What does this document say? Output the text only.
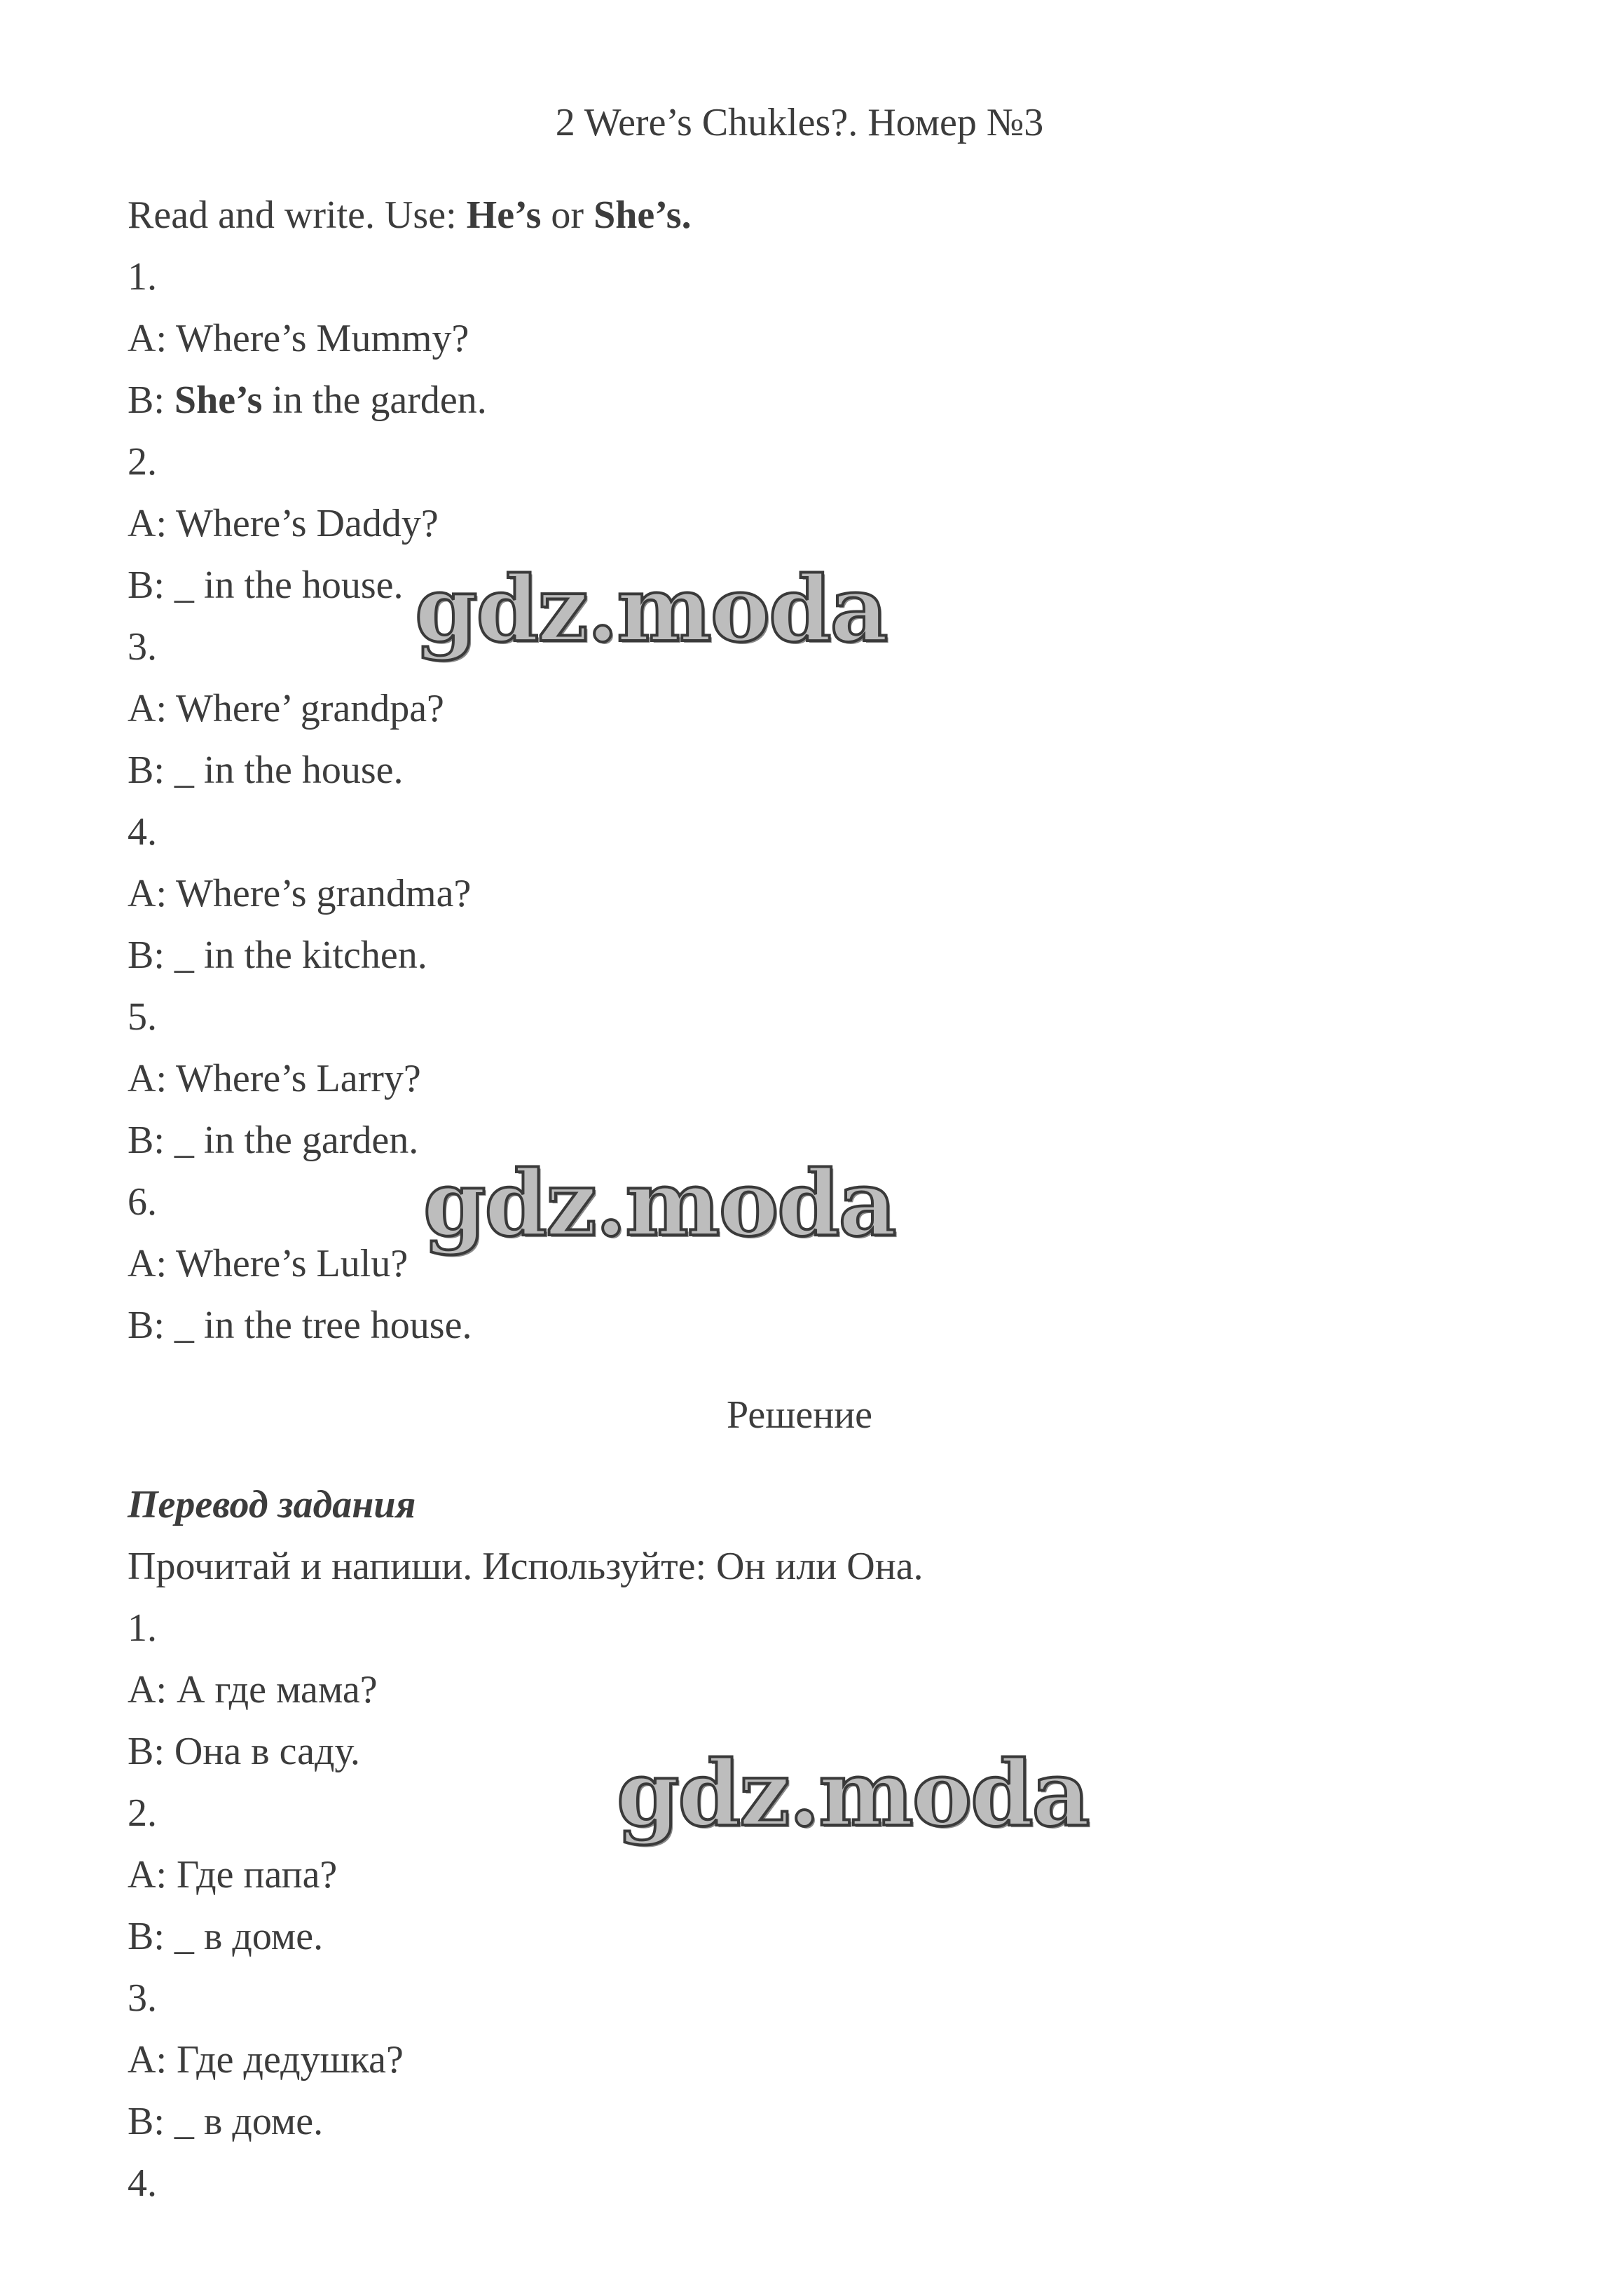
2 Were’s Chukles?. Номер №3
Read and write. Use: He’s or She’s.
1.
A: Where’s Mummy?
B: She’s in the garden.
2.
A: Where’s Daddy?
B: _ in the house.
3.
A: Where’ grandpa?
B: _ in the house.
4.
A: Where’s grandma?
B: _ in the kitchen.
5.
A: Where’s Larry?
B: _ in the garden.
6.
A: Where’s Lulu?
B: _ in the tree house.
Решение
Перевод задания
Прочитай и напиши. Используйте: Он или Она.
1.
A: А где мама?
B: Она в саду.
2.
A: Где папа?
B: _ в доме.
3.
A: Где дедушка?
B: _ в доме.
4.
gdz.moda
gdz.moda
gdz.moda
